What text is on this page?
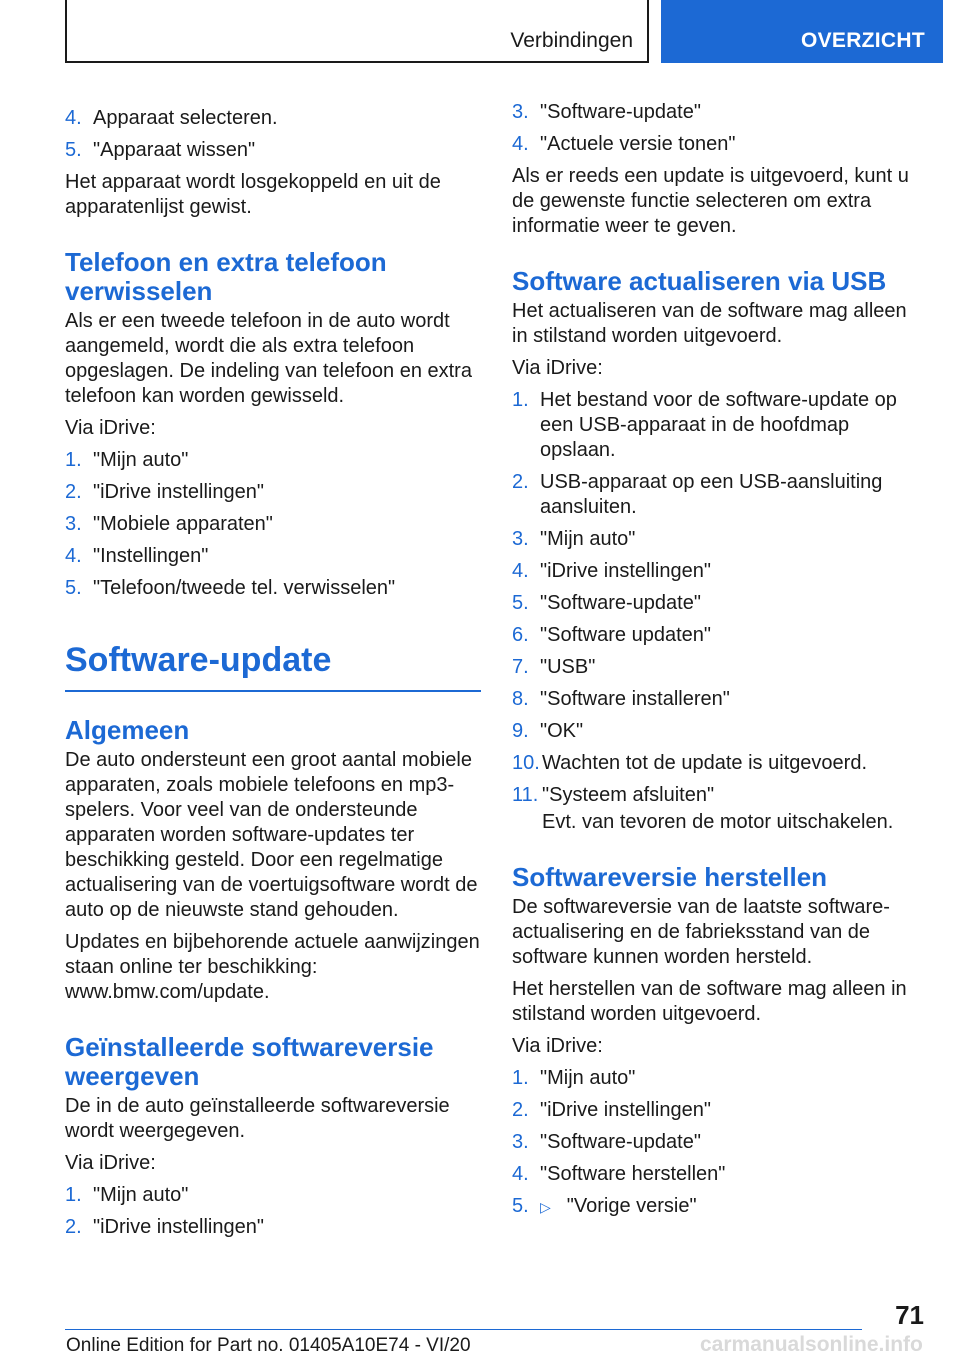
Verbindingen	OVERZICHT
4. Apparaat selecteren.
5. "Apparaat wissen"

Het apparaat wordt losgekoppeld en uit de apparatenlijst gewist.

Telefoon en extra telefoon verwisselen

Als er een tweede telefoon in de auto wordt aangemeld, wordt die als extra telefoon opgeslagen. De indeling van telefoon en extra telefoon kan worden gewisseld.

Via iDrive:

1. "Mijn auto"
2. "iDrive instellingen"
3. "Mobiele apparaten"
4. "Instellingen"
5. "Telefoon/tweede tel. verwisselen"
Software-update
Algemeen

De auto ondersteunt een groot aantal mobiele apparaten, zoals mobiele telefoons en mp3-spelers. Voor veel van de ondersteunde apparaten worden software-updates ter beschikking gesteld. Door een regelmatige actualisering van de voertuigsoftware wordt de auto op de nieuwste stand gehouden.

Updates en bijbehorende actuele aanwijzingen staan online ter beschikking: www.bmw.com/update.

Geïnstalleerde softwareversie weergeven

De in de auto geïnstalleerde softwareversie wordt weergegeven.

Via iDrive:

1. "Mijn auto"
2. "iDrive instellingen"
3. "Software-update"
4. "Actuele versie tonen"

Als er reeds een update is uitgevoerd, kunt u de gewenste functie selecteren om extra informatie weer te geven.

Software actualiseren via USB

Het actualiseren van de software mag alleen in stilstand worden uitgevoerd.

Via iDrive:

1. Het bestand voor de software-update op een USB-apparaat in de hoofdmap opslaan.
2. USB-apparaat op een USB-aansluiting aansluiten.
3. "Mijn auto"
4. "iDrive instellingen"
5. "Software-update"
6. "Software updaten"
7. "USB"
8. "Software installeren"
9. "OK"
10. Wachten tot de update is uitgevoerd.
11. "Systeem afsluiten"

Evt. van tevoren de motor uitschakelen.

Softwareversie herstellen

De softwareversie van de laatste software-actualisering en de fabrieksstand van de software kunnen worden hersteld.

Het herstellen van de software mag alleen in stilstand worden uitgevoerd.

Via iDrive:

1. "Mijn auto"
2. "iDrive instellingen"
3. "Software-update"
4. "Software herstellen"
5. ▷ "Vorige versie"
71
Online Edition for Part no. 01405A10E74 - VI/20	carmanualsonline.info
